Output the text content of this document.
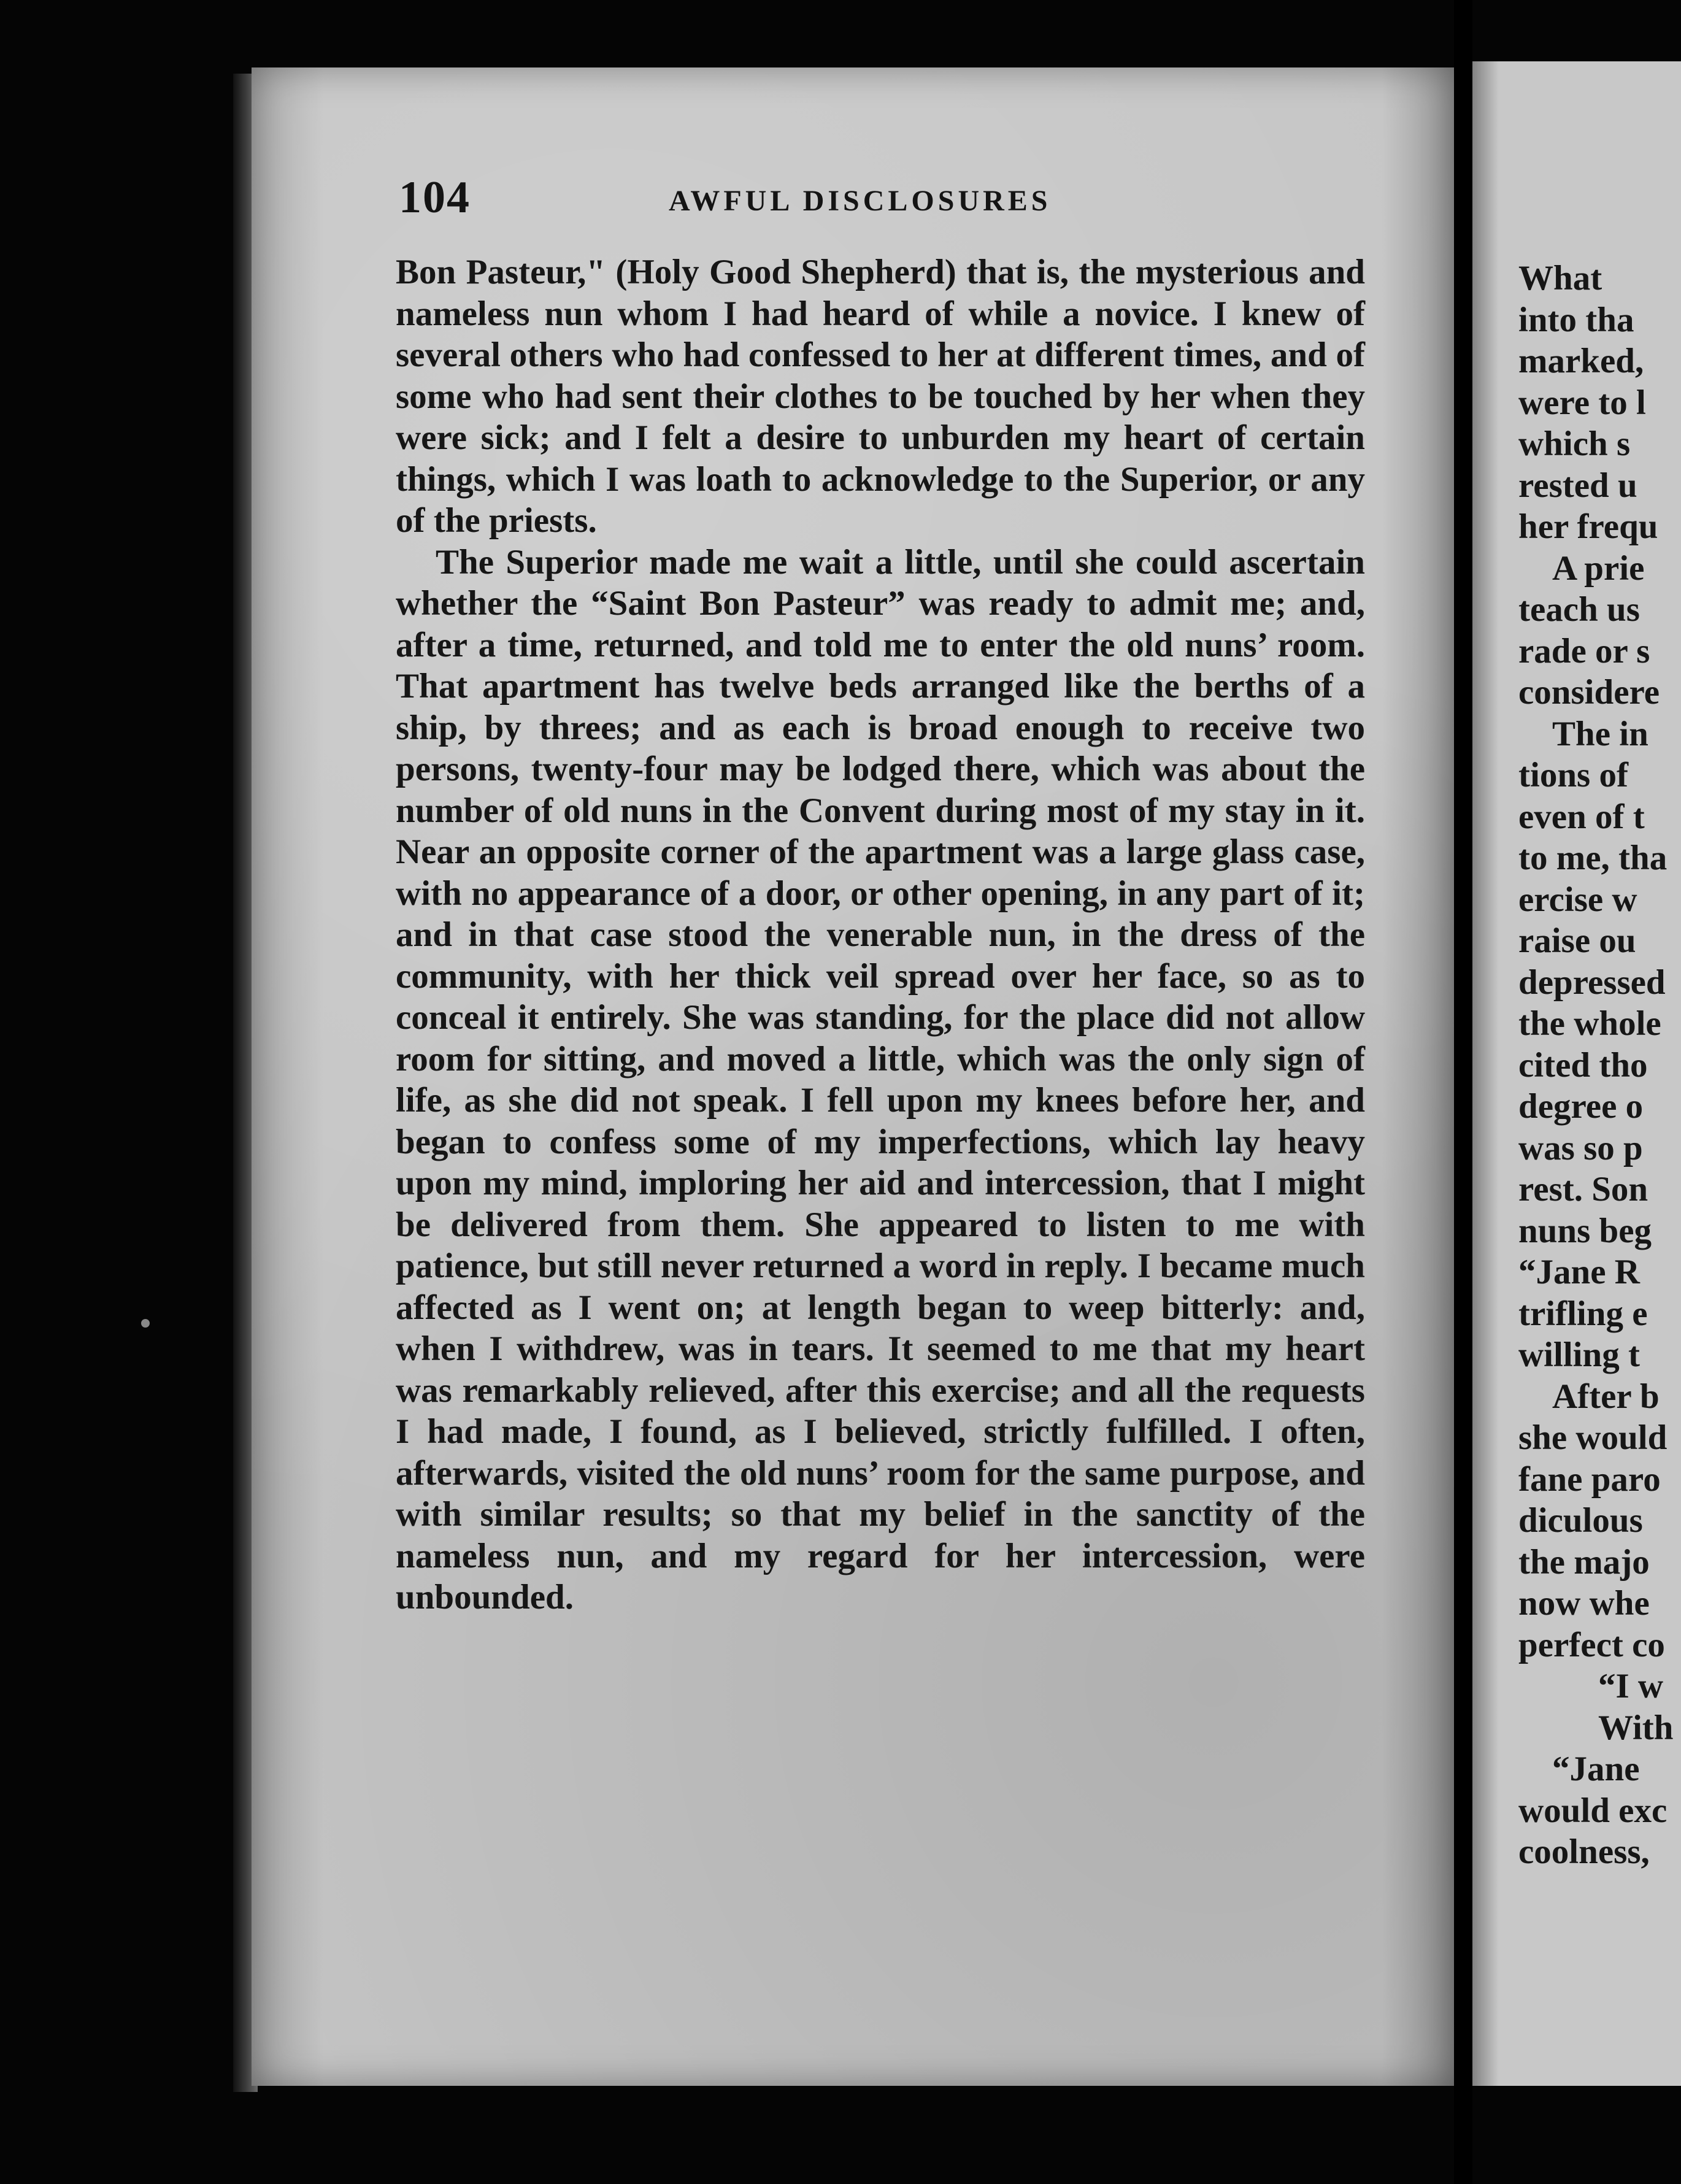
104	AWFUL DISCLOSURES

Bon Pasteur," (Holy Good Shepherd) that is, the mysterious and nameless nun whom I had heard of while a novice. I knew of several others who had confessed to her at different times, and of some who had sent their clothes to be touched by her when they were sick; and I felt a desire to unburden my heart of certain things, which I was loath to acknowledge to the Superior, or any of the priests.

The Superior made me wait a little, until she could ascertain whether the “Saint Bon Pasteur” was ready to admit me; and, after a time, returned, and told me to enter the old nuns’ room. That apartment has twelve beds arranged like the berths of a ship, by threes; and as each is broad enough to receive two persons, twenty-four may be lodged there, which was about the number of old nuns in the Convent during most of my stay in it. Near an opposite corner of the apartment was a large glass case, with no appearance of a door, or other opening, in any part of it; and in that case stood the venerable nun, in the dress of the community, with her thick veil spread over her face, so as to conceal it entirely. She was standing, for the place did not allow room for sitting, and moved a little, which was the only sign of life, as she did not speak. I fell upon my knees before her, and began to confess some of my imperfections, which lay heavy upon my mind, imploring her aid and intercession, that I might be delivered from them. She appeared to listen to me with patience, but still never returned a word in reply. I became much affected as I went on; at length began to weep bitterly: and, when I withdrew, was in tears. It seemed to me that my heart was remarkably relieved, after this exercise; and all the requests I had made, I found, as I believed, strictly fulfilled. I often, afterwards, visited the old nuns’ room for the same purpose, and with similar results; so that my belief in the sanctity of the nameless nun, and my regard for her intercession, were unbounded.

What
into tha
marked,
were to l
which s
rested u
her frequ
A prie
teach us
rade or s
considere
The in
tions of
even of t
to me, tha
ercise w
raise ou
depressed
the whole
cited tho
degree o
was so p
rest. Son
nuns beg
“Jane R
trifling e
willing t
After b
she would
fane paro
diculous
the majo
now whe
perfect co
“I w
With
“Jane
would exc
coolness,
